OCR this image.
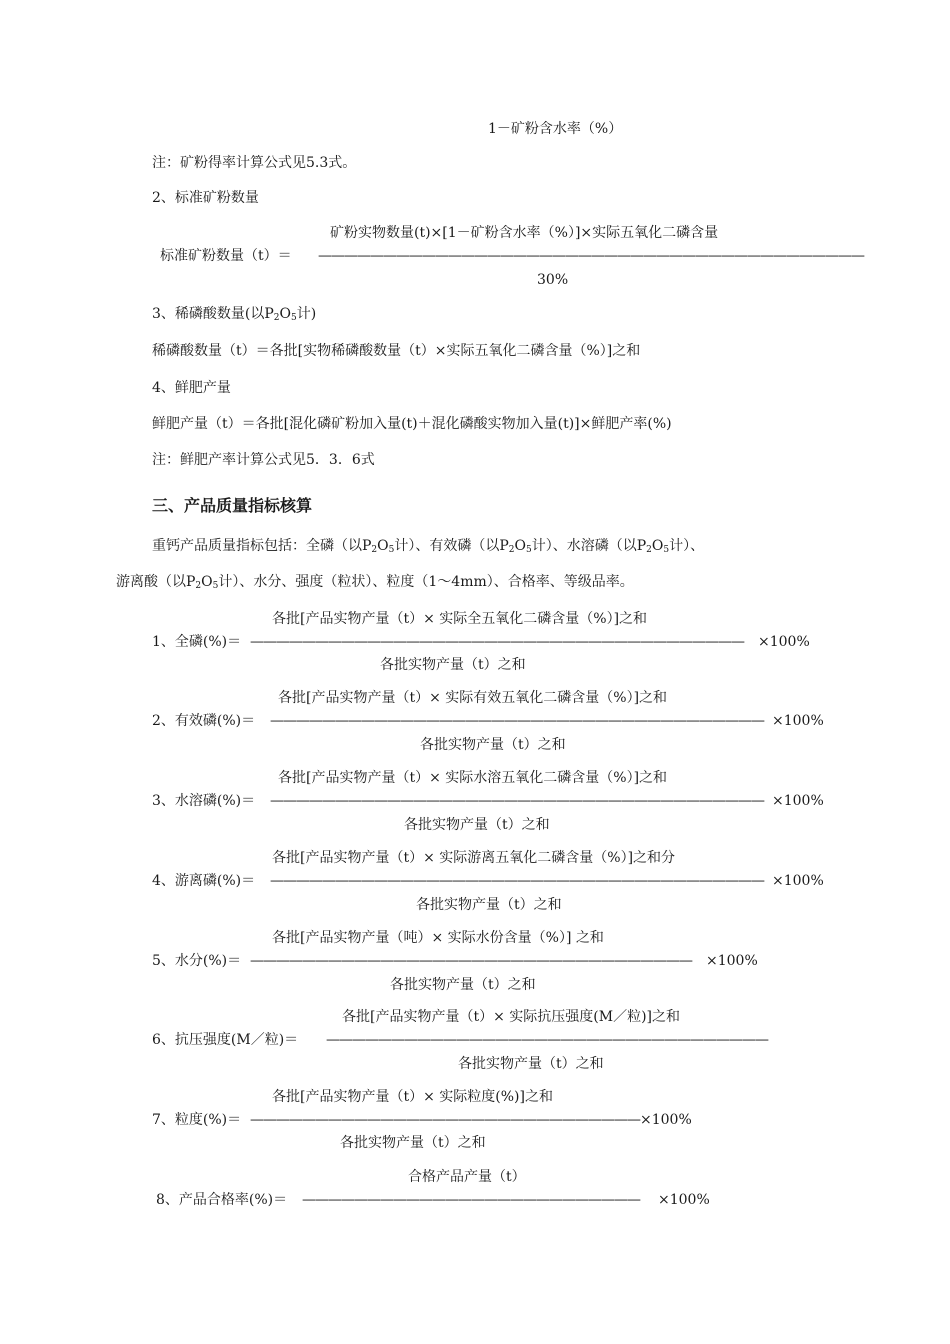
1－矿粉含水率（%）
注：矿粉得率计算公式见5.3式。
2、标准矿粉数量
矿粉实物数量(t)×[1－矿粉含水率（%）]×实际五氧化二磷含量
标准矿粉数量（t）＝ ——————————————————————————————————————————
30%
3、稀磷酸数量(以$P_2O_5$计)
稀磷酸数量（t）＝各批[实物稀磷酸数量（t）×实际五氧化二磷含量（%）]之和
4、鲜肥产量
鲜肥产量（t）＝各批[混化磷矿粉加入量(t)＋混化磷酸实物加入量(t)]×鲜肥产率(%)
注：鲜肥产率计算公式见5．3．6式
三、产品质量指标核算
重钙产品质量指标包括：全磷（以$P_2O_5$计）、有效磷（以$P_2O_5$计）、水溶磷（以$P_2O_5$计）、
游离酸（以$P_2O_5$计）、水分、强度（粒状）、粒度（1～4mm）、合格率、等级品率。
各批[产品实物产量（t）× 实际全五氧化二磷含量（%）]之和
1、全磷(%)＝ —————————————————————————————————————— ×100%
各批实物产量（t）之和
各批[产品实物产量（t）× 实际有效五氧化二磷含量（%）]之和
2、有效磷(%)＝ —————————————————————————————————————— ×100%
各批实物产量（t）之和
各批[产品实物产量（t）× 实际水溶五氧化二磷含量（%）]之和
3、水溶磷(%)＝ —————————————————————————————————————— ×100%
各批实物产量（t）之和
各批[产品实物产量（t）× 实际游离五氧化二磷含量（%）]之和分
4、游离磷(%)＝ —————————————————————————————————————— ×100%
各批实物产量（t）之和
各批[产品实物产量（吨）× 实际水份含量（%）] 之和
5、水分(%)＝ —————————————————————————————————— ×100%
各批实物产量（t）之和
各批[产品实物产量（t）× 实际抗压强度(M／粒)]之和
6、抗压强度(M／粒)＝ ——————————————————————————————————
各批实物产量（t）之和
各批[产品实物产量（t）× 实际粒度(%)]之和
7、粒度(%)＝ —————————————————————————————— ×100%
各批实物产量（t）之和
合格产品产量（t）
8、产品合格率(%)＝ —————————————————————————— ×100%
